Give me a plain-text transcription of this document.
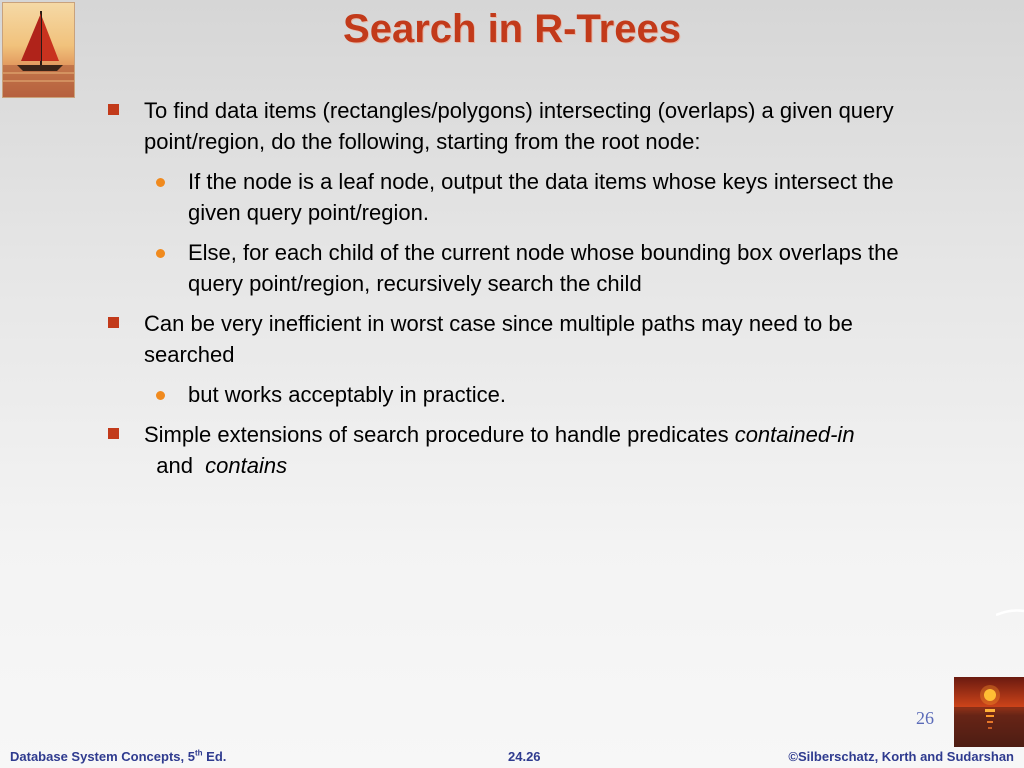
Search in R-Trees
To find data items (rectangles/polygons) intersecting (overlaps) a given query point/region, do the following, starting from the root node:
If the node is a leaf node, output the data items whose keys intersect the given query point/region.
Else, for each child of the current node whose bounding box overlaps the query point/region, recursively search the child
Can be very inefficient in worst case since multiple paths may need to be searched
but works acceptably in practice.
Simple extensions of search procedure to handle predicates contained-in  and  contains
26
Database System Concepts, 5th Ed.	24.26	©Silberschatz, Korth and Sudarshan
